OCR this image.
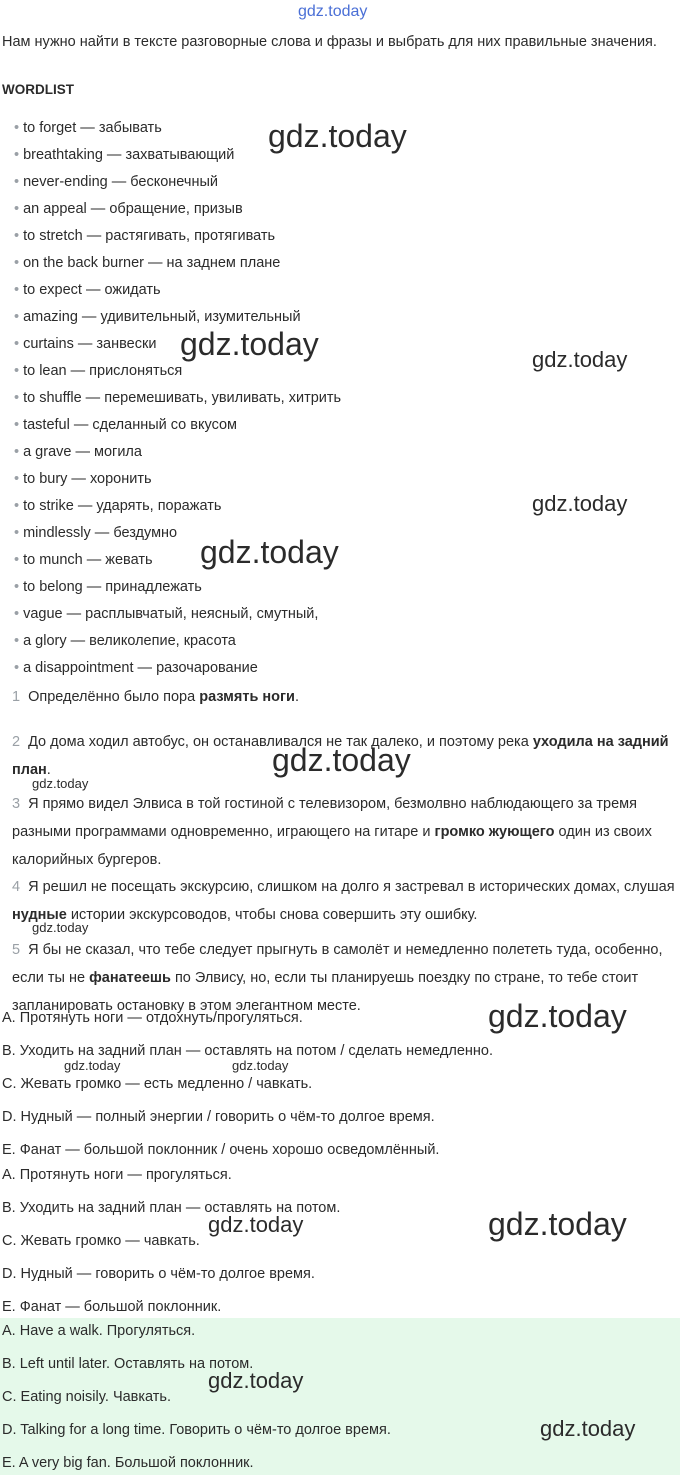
gdz.today
Нам нужно найти в тексте разговорные слова и фразы и выбрать для них правильные значения.
WORDLIST
• to forget — забывать
• breathtaking — захватывающий
• never-ending — бесконечный
• an appeal — обращение, призыв
• to stretch — растягивать, протягивать
• on the back burner — на заднем плане
• to expect — ожидать
• amazing — удивительный, изумительный
• curtains — занвески
• to lean — прислоняться
• to shuffle — перемешивать, увиливать, хитрить
• tasteful — сделанный со вкусом
• a grave — могила
• to bury — хоронить
• to strike — ударять, поражать
• mindlessly — бездумно
• to munch — жевать
• to belong — принадлежать
• vague — расплывчатый, неясный, смутный,
• a glory — великолепие, красота
• a disappointment — разочарование
1 Определённо было пора размять ноги.
2 До дома ходил автобус, он останавливался не так далеко, и поэтому река уходила на задний план.
3 Я прямо видел Элвиса в той гостиной с телевизором, безмолвно наблюдающего за тремя разными программами одновременно, играющего на гитаре и громко жующего один из своих калорийных бургеров.
4 Я решил не посещать экскурсию, слишком на долго я застревал в исторических домах, слушая нудные истории экскурсоводов, чтобы снова совершить эту ошибку.
5 Я бы не сказал, что тебе следует прыгнуть в самолёт и немедленно полететь туда, особенно, если ты не фанатеешь по Элвису, но, если ты планируешь поездку по стране, то тебе стоит запланировать остановку в этом элегантном месте.
A. Протянуть ноги — отдохнуть/прогуляться.
B. Уходить на задний план — оставлять на потом / сделать немедленно.
C. Жевать громко — есть медленно / чавкать.
D. Нудный — полный энергии / говорить о чём-то долгое время.
E. Фанат — большой поклонник / очень хорошо осведомлённый.
A. Протянуть ноги — прогуляться.
B. Уходить на задний план — оставлять на потом.
C. Жевать громко — чавкать.
D. Нудный — говорить о чём-то долгое время.
E. Фанат — большой поклонник.
A. Have a walk. Прогуляться.
B. Left until later. Оставлять на потом.
C. Eating noisily. Чавкать.
D. Talking for a long time. Говорить о чём-то долгое время.
E. A very big fan. Большой поклонник.
gdz.today
gdz.today	gdz.today
gdz.today
gdz.today
gdz.today
gdz.today
gdz.today
gdz.today
gdz.today	gdz.today
gdz.today	gdz.today
gdz.today
gdz.today
